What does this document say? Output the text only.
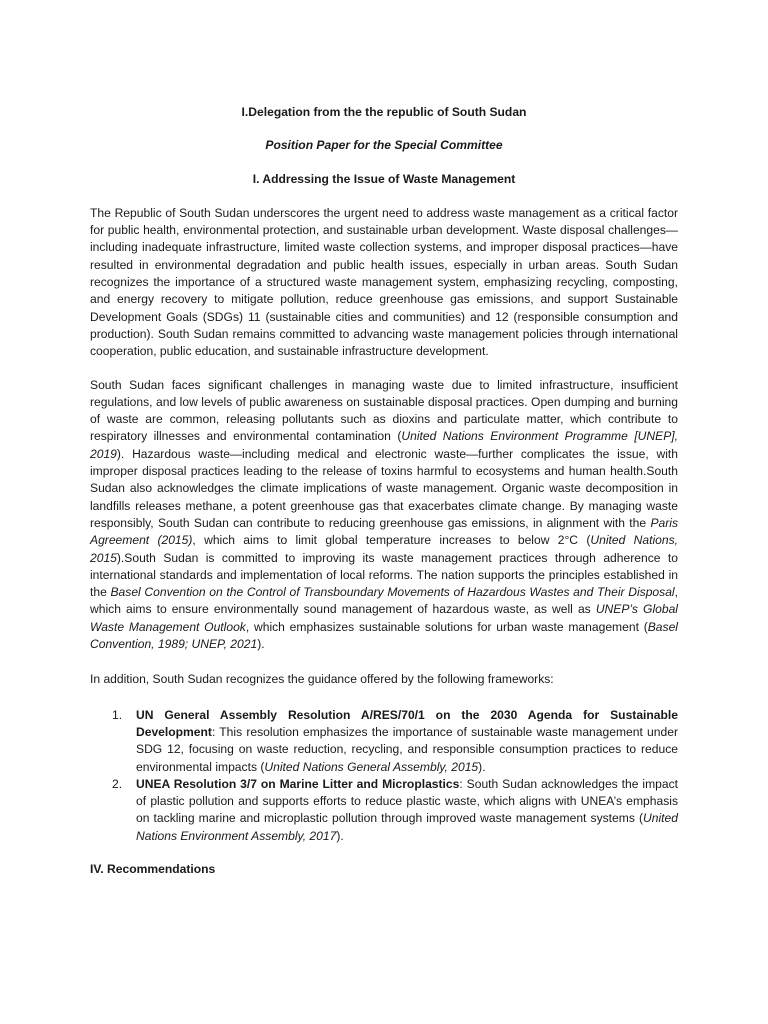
I.Delegation from the the republic of South Sudan

Position Paper for the Special Committee

I. Addressing the Issue of Waste Management

The Republic of South Sudan underscores the urgent need to address waste management as a critical factor for public health, environmental protection, and sustainable urban development. Waste disposal challenges—including inadequate infrastructure, limited waste collection systems, and improper disposal practices—have resulted in environmental degradation and public health issues, especially in urban areas. South Sudan recognizes the importance of a structured waste management system, emphasizing recycling, composting, and energy recovery to mitigate pollution, reduce greenhouse gas emissions, and support Sustainable Development Goals (SDGs) 11 (sustainable cities and communities) and 12 (responsible consumption and production). South Sudan remains committed to advancing waste management policies through international cooperation, public education, and sustainable infrastructure development.

South Sudan faces significant challenges in managing waste due to limited infrastructure, insufficient regulations, and low levels of public awareness on sustainable disposal practices. Open dumping and burning of waste are common, releasing pollutants such as dioxins and particulate matter, which contribute to respiratory illnesses and environmental contamination (United Nations Environment Programme [UNEP], 2019). Hazardous waste—including medical and electronic waste—further complicates the issue, with improper disposal practices leading to the release of toxins harmful to ecosystems and human health.South Sudan also acknowledges the climate implications of waste management. Organic waste decomposition in landfills releases methane, a potent greenhouse gas that exacerbates climate change. By managing waste responsibly, South Sudan can contribute to reducing greenhouse gas emissions, in alignment with the Paris Agreement (2015), which aims to limit global temperature increases to below 2°C (United Nations, 2015).South Sudan is committed to improving its waste management practices through adherence to international standards and implementation of local reforms. The nation supports the principles established in the Basel Convention on the Control of Transboundary Movements of Hazardous Wastes and Their Disposal, which aims to ensure environmentally sound management of hazardous waste, as well as UNEP’s Global Waste Management Outlook, which emphasizes sustainable solutions for urban waste management (Basel Convention, 1989; UNEP, 2021).

In addition, South Sudan recognizes the guidance offered by the following frameworks:

1. UN General Assembly Resolution A/RES/70/1 on the 2030 Agenda for Sustainable Development: This resolution emphasizes the importance of sustainable waste management under SDG 12, focusing on waste reduction, recycling, and responsible consumption practices to reduce environmental impacts (United Nations General Assembly, 2015).
2. UNEA Resolution 3/7 on Marine Litter and Microplastics: South Sudan acknowledges the impact of plastic pollution and supports efforts to reduce plastic waste, which aligns with UNEA’s emphasis on tackling marine and microplastic pollution through improved waste management systems (United Nations Environment Assembly, 2017).

IV. Recommendations
